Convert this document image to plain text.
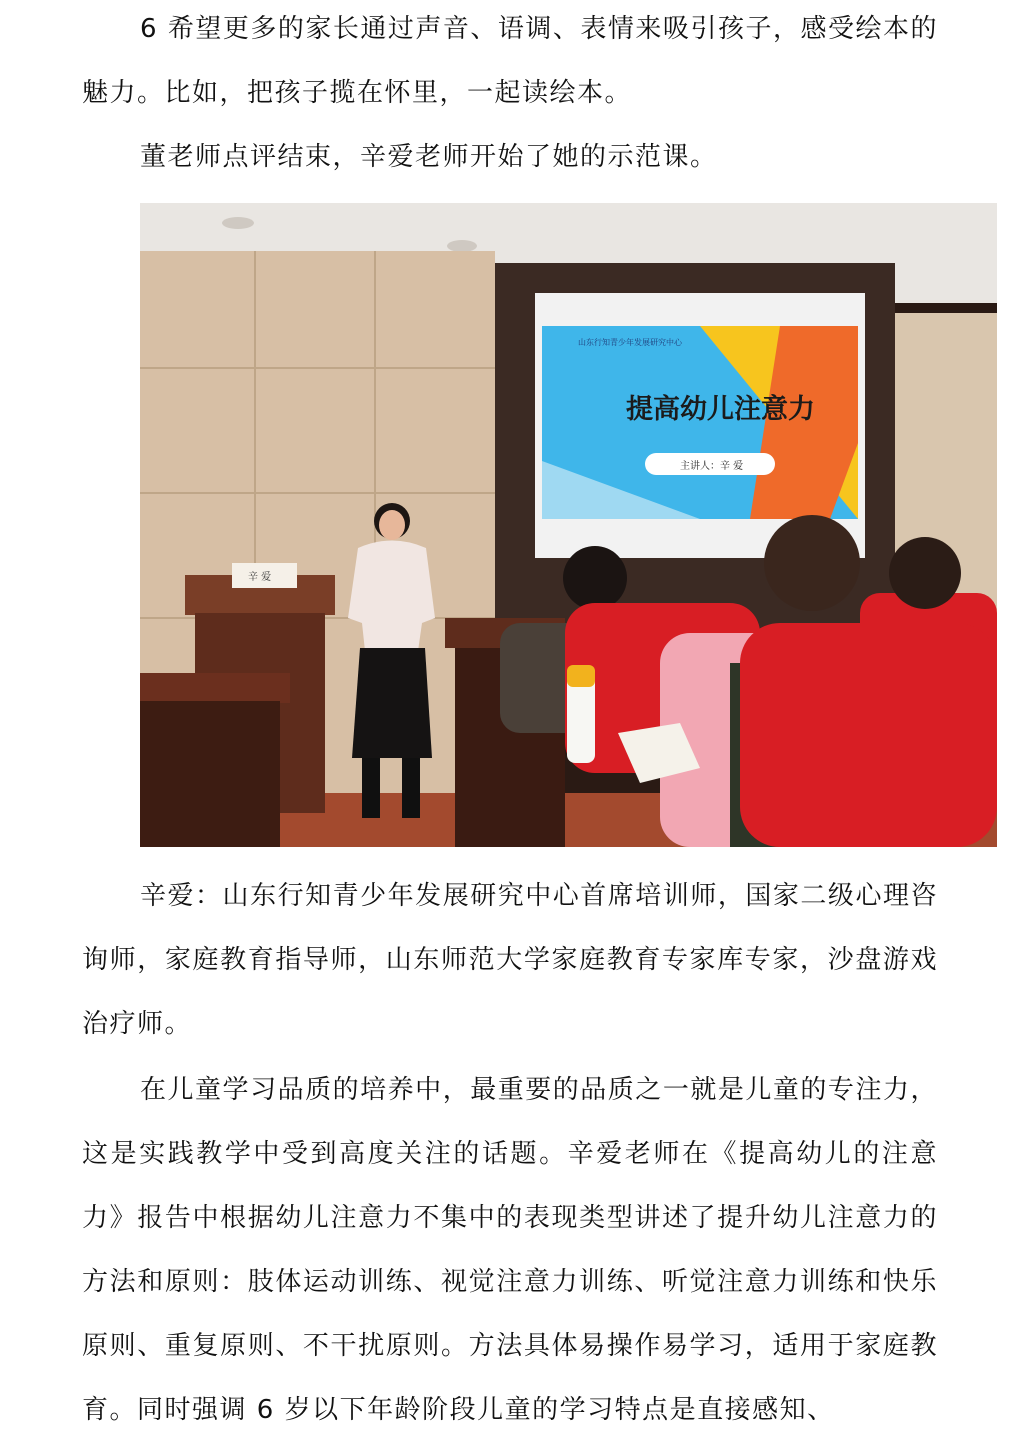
6 希望更多的家长通过声音、语调、表情来吸引孩子，感受绘本的魅力。比如，把孩子揽在怀里，一起读绘本。

董老师点评结束，辛爱老师开始了她的示范课。

山东行知青少年发展研究中心
提高幼儿注意力
主讲人：辛 爱
辛 爱

辛爱：山东行知青少年发展研究中心首席培训师，国家二级心理咨询师，家庭教育指导师，山东师范大学家庭教育专家库专家，沙盘游戏治疗师。

在儿童学习品质的培养中，最重要的品质之一就是儿童的专注力，这是实践教学中受到高度关注的话题。辛爱老师在《提高幼儿的注意力》报告中根据幼儿注意力不集中的表现类型讲述了提升幼儿注意力的方法和原则：肢体运动训练、视觉注意力训练、听觉注意力训练和快乐原则、重复原则、不干扰原则。方法具体易操作易学习，适用于家庭教育。同时强调 6 岁以下年龄阶段儿童的学习特点是直接感知、
